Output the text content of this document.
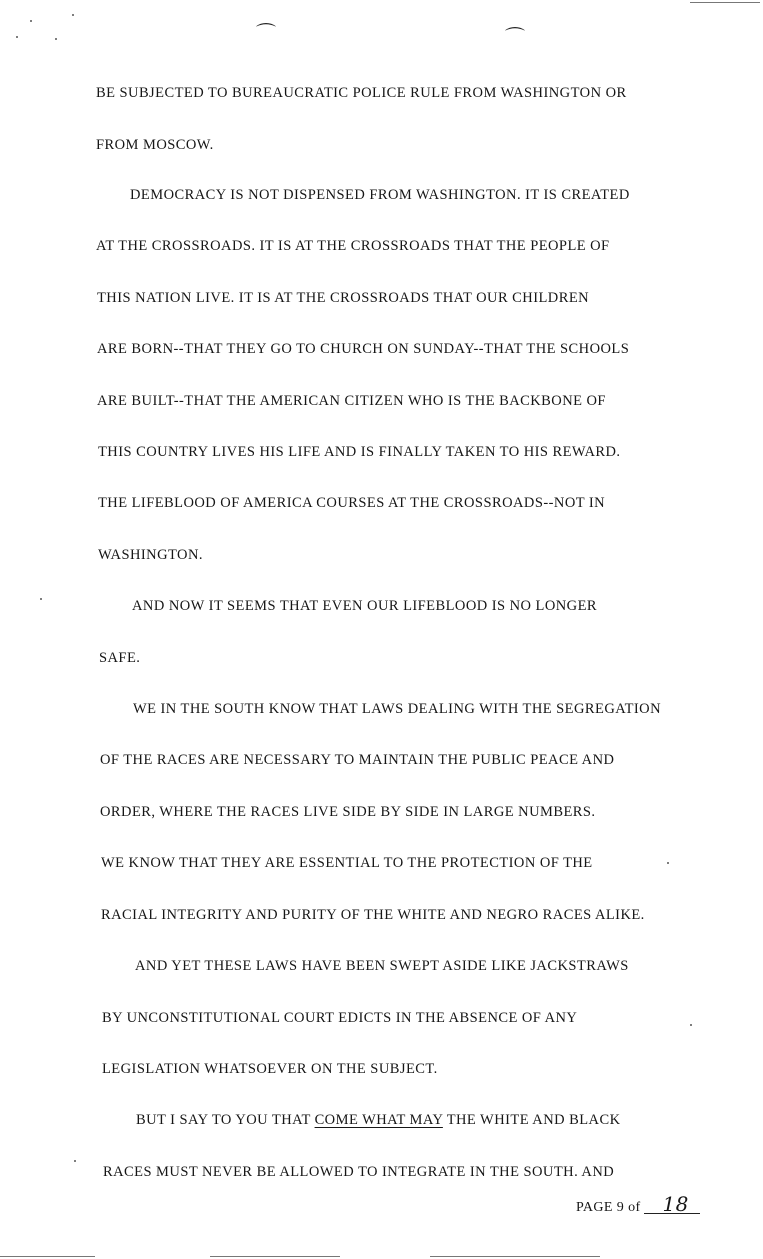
⌒	⌒
BE SUBJECTED TO BUREAUCRATIC POLICE RULE FROM WASHINGTON OR
FROM MOSCOW.
DEMOCRACY IS NOT DISPENSED FROM WASHINGTON. IT IS CREATED
AT THE CROSSROADS. IT IS AT THE CROSSROADS THAT THE PEOPLE OF
THIS NATION LIVE. IT IS AT THE CROSSROADS THAT OUR CHILDREN
ARE BORN--THAT THEY GO TO CHURCH ON SUNDAY--THAT THE SCHOOLS
ARE BUILT--THAT THE AMERICAN CITIZEN WHO IS THE BACKBONE OF
THIS COUNTRY LIVES HIS LIFE AND IS FINALLY TAKEN TO HIS REWARD.
THE LIFEBLOOD OF AMERICA COURSES AT THE CROSSROADS--NOT IN
WASHINGTON.
AND NOW IT SEEMS THAT EVEN OUR LIFEBLOOD IS NO LONGER
SAFE.
WE IN THE SOUTH KNOW THAT LAWS DEALING WITH THE SEGREGATION
OF THE RACES ARE NECESSARY TO MAINTAIN THE PUBLIC PEACE AND
ORDER, WHERE THE RACES LIVE SIDE BY SIDE IN LARGE NUMBERS.
WE KNOW THAT THEY ARE ESSENTIAL TO THE PROTECTION OF THE
RACIAL INTEGRITY AND PURITY OF THE WHITE AND NEGRO RACES ALIKE.
AND YET THESE LAWS HAVE BEEN SWEPT ASIDE LIKE JACKSTRAWS
BY UNCONSTITUTIONAL COURT EDICTS IN THE ABSENCE OF ANY
LEGISLATION WHATSOEVER ON THE SUBJECT.
BUT I SAY TO YOU THAT COME WHAT MAY THE WHITE AND BLACK
RACES MUST NEVER BE ALLOWED TO INTEGRATE IN THE SOUTH. AND
PAGE 9 of 18
